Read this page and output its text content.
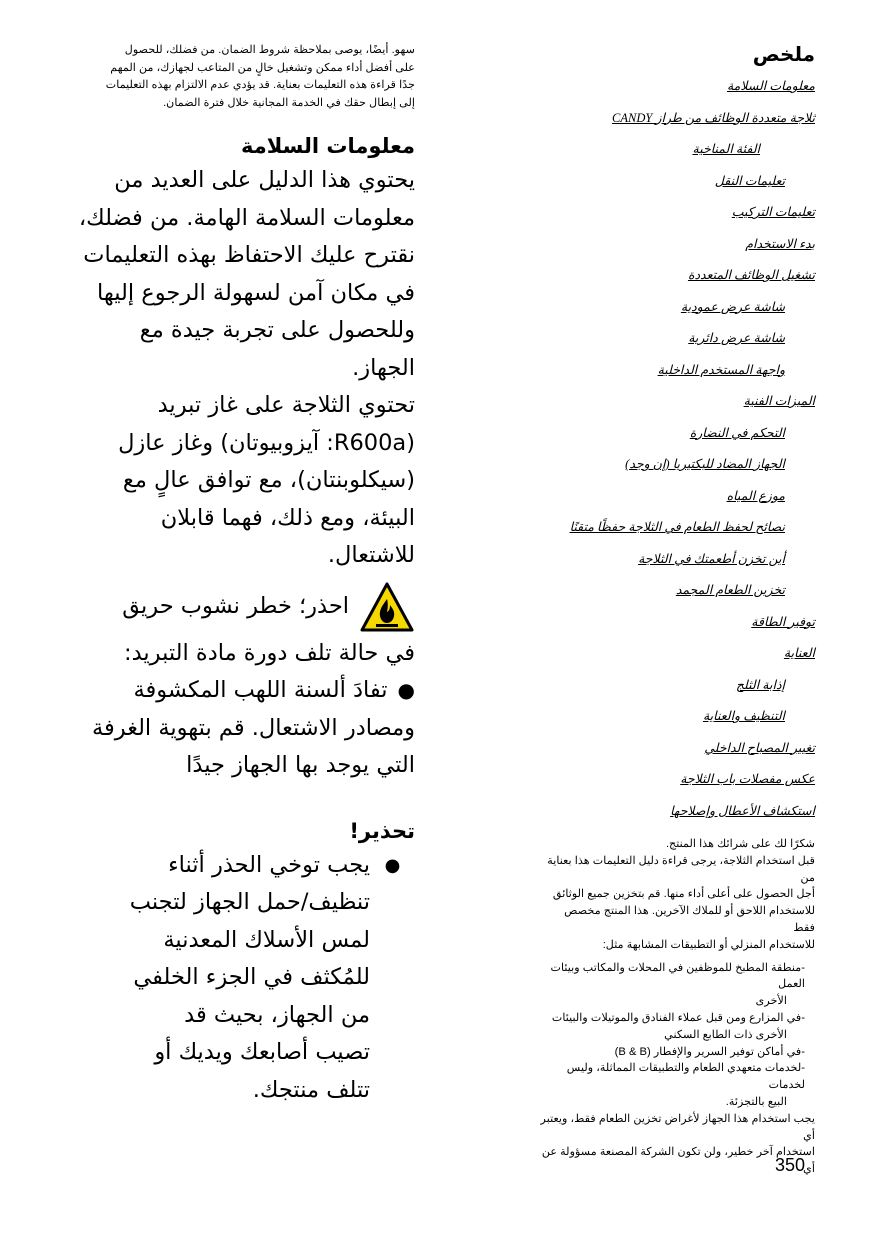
سهو. أيضًا، يوصى بملاحظة شروط الضمان. من فضلك، للحصول
على أفضل أداء ممكن وتشغيل خالٍ من المتاعب لجهازك، من المهم
جدًا قراءة هذه التعليمات بعناية. قد يؤدي عدم الالتزام بهذه التعليمات
إلى إبطال حقك في الخدمة المجانية خلال فترة الضمان.
معلومات السلامة

يحتوي هذا الدليل على العديد من

معلومات السلامة الهامة. من فضلك،

نقترح عليك الاحتفاظ بهذه التعليمات

في مكان آمن لسهولة الرجوع إليها

وللحصول على تجربة جيدة مع

الجهاز.

تحتوي الثلاجة على غاز تبريد

(R600a: آيزوبيوتان) وغاز عازل

(سيكلوبنتان)، مع توافق عالٍ مع

البيئة، ومع ذلك، فهما قابلان

للاشتعال.

احذر؛ خطر نشوب حريق

في حالة تلف دورة مادة التبريد:

● تفادَ ألسنة اللهب المكشوفة

ومصادر الاشتعال. قم بتهوية الغرفة

التي يوجد بها الجهاز جيدًا

تحذير!
●
يجب توخي الحذر أثناء
تنظيف/حمل الجهاز لتجنب
لمس الأسلاك المعدنية
للمُكثف في الجزء الخلفي
من الجهاز، بحيث قد
تصيب أصابعك ويديك أو
تتلف منتجك.
ملخص
معلومات السلامة
ثلاجة متعددة الوظائف من طراز CANDY
الفئة المناخية
تعليمات النقل
تعليمات التركيب
بدء الاستخدام
تشغيل الوظائف المتعددة
شاشة عرض عمودية
شاشة عرض دائرية
واجهة المستخدم الداخلية
الميزات الفنية
التحكم في النضارة
الجهاز المضاد للبكتيريا (إن وجد)
موزع المياه
نصائح لحفظ الطعام في الثلاجة حفظًا متقنًا
أين تخزن أطعمتك في الثلاجة
تخزين الطعام المجمد
توفير الطاقة
العناية
إذابة الثلج
التنظيف والعناية
تغيير المصباح الداخلي
عكس مفصلات باب الثلاجة
استكشاف الأعطال وإصلاحها

شكرًا لك على شرائك هذا المنتج.

قبل استخدام الثلاجة، يرجى قراءة دليل التعليمات هذا بعناية من

أجل الحصول على أعلى أداء منها. قم بتخزين جميع الوثائق

للاستخدام اللاحق أو للملاك الآخرين. هذا المنتج مخصص فقط

للاستخدام المنزلي أو التطبيقات المشابهة مثل:

-منطقة المطبخ للموظفين في المحلات والمكاتب وبيئات العمل
الأخرى
-في المزارع ومن قبل عملاء الفنادق والموتيلات والبيئات
الأخرى ذات الطابع السكني
-في أماكن توفير السرير والإفطار (B & B)
-لخدمات متعهدي الطعام والتطبيقات المماثلة، وليس لخدمات
البيع بالتجزئة.

يجب استخدام هذا الجهاز لأغراض تخزين الطعام فقط، ويعتبر أي

استخدام آخر خطير، ولن تكون الشركة المصنعة مسؤولة عن أي

350
